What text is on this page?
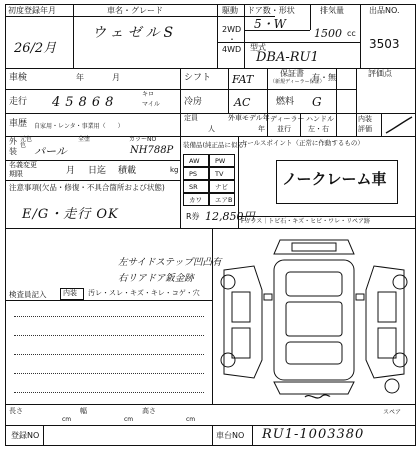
初度登録年月
26/2月
車名・グレード
ウェゼルS
駆動
2WD
・
4WD
ドア数・形状
5・W
型式
DBA-RU1
排気量
1500 cc
出品NO.
3503
車検	年	月
走行 45868
キロ
マイル
車歴 自家用・レンタ・事業用（　　）
外
装
色
元色	全塗	カラーNO
パール	NH788P
名義変更
期限	月 日迄 積載	kg
シフト FAT
冷房	AC
定員
人
外車モデル年
年
保証書
（新規ディーラー保証）
有・無
燃料 G
ディーラー
並行
ハンドル
左・右
評価点
内装
評価
装備品(純正品に似る)
AW PW
PS	TV
SR	ナビ
カワ エアB
R券 12,850円
セールスポイント（正常に作動するもの）
ノークレーム車
Fガラス｜トビ石・キズ・ヒビ・ワレ・リペア跡
注意事項(欠品・修復・不具合箇所および状態)
E/G・走行 OK
左サイドステップ凹凸有
右リアドア鈑金跡
検査員記入 内装 汚レ・スレ・キズ・キレ・コゲ・穴
スペア
長さ
cm
幅
cm
高さ
cm
登録NO	車台NO RU1-1003380
